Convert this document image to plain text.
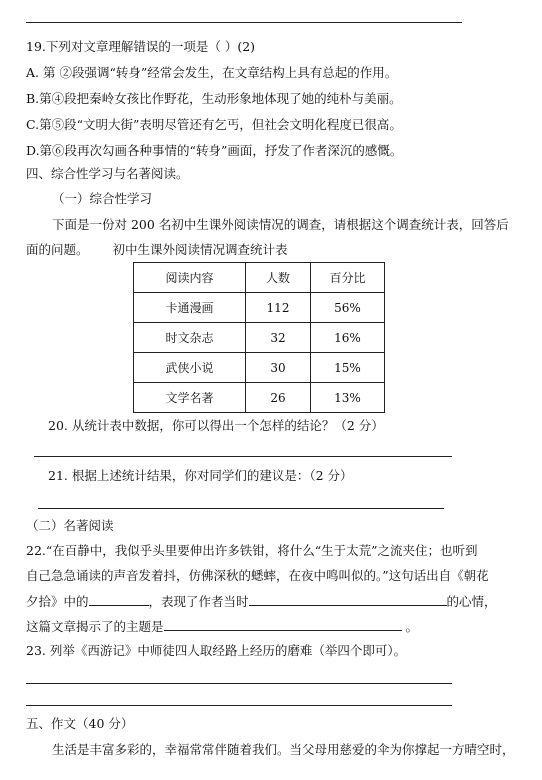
19.下列对文章理解错误的一项是（ ）(2)
A. 第 ②段强调“转身”经常会发生，在文章结构上具有总起的作用。
B.第④段把秦岭女孩比作野花，生动形象地体现了她的纯朴与美丽。
C.第⑤段“文明大街”表明尽管还有乞丐，但社会文明化程度已很高。
D.第⑥段再次勾画各种事情的“转身”画面，抒发了作者深沉的感慨。
四、综合性学习与名著阅读。
（一）综合性学习
下面是一份对 200 名初中生课外阅读情况的调查，请根据这个调查统计表，回答后
面的问题。 初中生课外阅读情况调查统计表
阅读内容	人数	百分比
卡通漫画	112	56%
时文杂志	32	16%
武侠小说	30	15%
文学名著	26	13%
20. 从统计表中数据，你可以得出一个怎样的结论？（2 分）
21. 根据上述统计结果，你对同学们的建议是：（2 分）
（二）名著阅读
22.“在百静中，我似乎头里要伸出许多铁钳，将什么“生于太荒”之流夹住；也听到
自己急急诵读的声音发着抖，仿佛深秋的蟋蟀，在夜中鸣叫似的。”这句话出自《朝花
夕拾》中的	，表现了作者当时	的心情，
这篇文章揭示了的主题是	。
23. 列举《西游记》中师徒四人取经路上经历的磨难（举四个即可）。
五、作文（40 分）
生活是丰富多彩的，幸福常常伴随着我们。当父母用慈爱的伞为你撑起一方晴空时，
